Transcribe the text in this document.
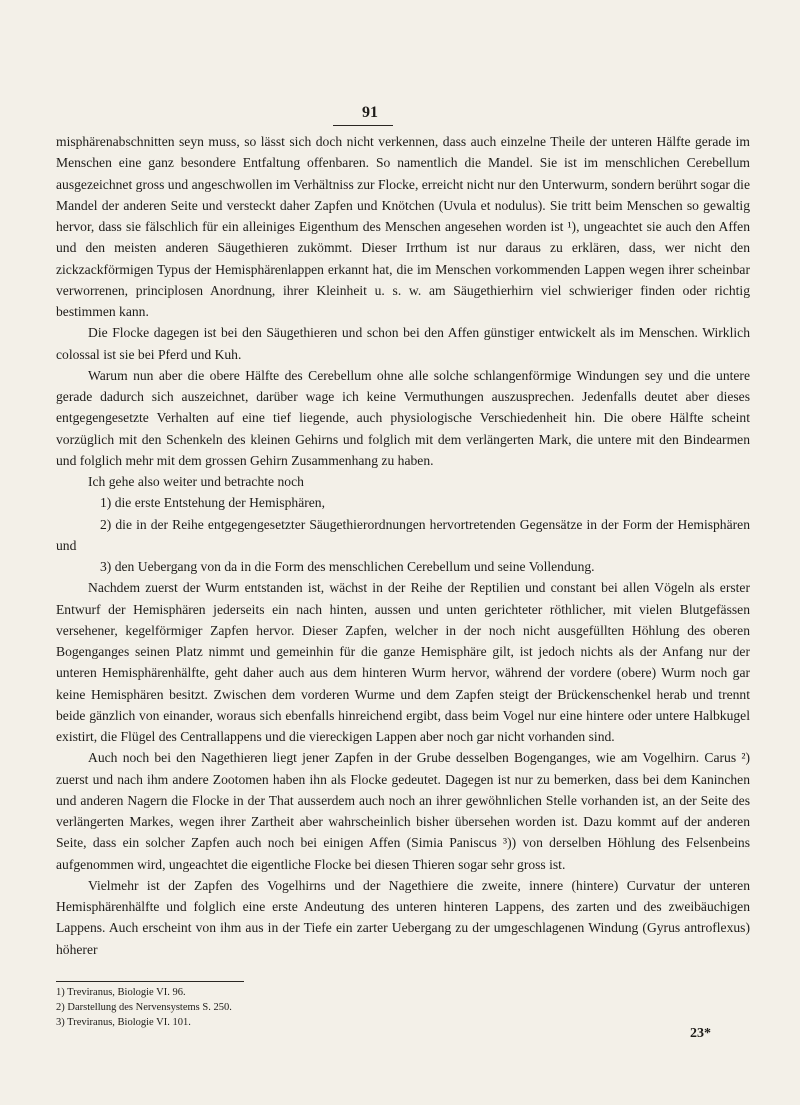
91

misphärenabschnitten seyn muss, so lässt sich doch nicht verkennen, dass auch einzelne Theile der unteren Hälfte gerade im Menschen eine ganz besondere Entfaltung offenbaren. So namentlich die Mandel. Sie ist im menschlichen Cerebellum ausgezeichnet gross und angeschwollen im Verhältniss zur Flocke, erreicht nicht nur den Unterwurm, sondern berührt sogar die Mandel der anderen Seite und versteckt daher Zapfen und Knötchen (Uvula et nodulus). Sie tritt beim Menschen so gewaltig hervor, dass sie fälschlich für ein alleiniges Eigenthum des Menschen angesehen worden ist ¹), ungeachtet sie auch den Affen und den meisten anderen Säugethieren zukömmt. Dieser Irrthum ist nur daraus zu erklären, dass, wer nicht den zickzackförmigen Typus der Hemisphärenlappen erkannt hat, die im Menschen vorkommenden Lappen wegen ihrer scheinbar verworrenen, principlosen Anordnung, ihrer Kleinheit u. s. w. am Säugethierhirn viel schwieriger finden oder richtig bestimmen kann.

Die Flocke dagegen ist bei den Säugethieren und schon bei den Affen günstiger entwickelt als im Menschen. Wirklich colossal ist sie bei Pferd und Kuh.

Warum nun aber die obere Hälfte des Cerebellum ohne alle solche schlangenförmige Windungen sey und die untere gerade dadurch sich auszeichnet, darüber wage ich keine Vermuthungen auszusprechen. Jedenfalls deutet aber dieses entgegengesetzte Verhalten auf eine tief liegende, auch physiologische Verschiedenheit hin. Die obere Hälfte scheint vorzüglich mit den Schenkeln des kleinen Gehirns und folglich mit dem verlängerten Mark, die untere mit den Bindearmen und folglich mehr mit dem grossen Gehirn Zusammenhang zu haben.

Ich gehe also weiter und betrachte noch

1) die erste Entstehung der Hemisphären,

2) die in der Reihe entgegengesetzter Säugethierordnungen hervortretenden Gegensätze in der Form der Hemisphären und

3) den Uebergang von da in die Form des menschlichen Cerebellum und seine Vollendung.

Nachdem zuerst der Wurm entstanden ist, wächst in der Reihe der Reptilien und constant bei allen Vögeln als erster Entwurf der Hemisphären jederseits ein nach hinten, aussen und unten gerichteter röthlicher, mit vielen Blutgefässen versehener, kegelförmiger Zapfen hervor. Dieser Zapfen, welcher in der noch nicht ausgefüllten Höhlung des oberen Bogenganges seinen Platz nimmt und gemeinhin für die ganze Hemisphäre gilt, ist jedoch nichts als der Anfang nur der unteren Hemisphärenhälfte, geht daher auch aus dem hinteren Wurm hervor, während der vordere (obere) Wurm noch gar keine Hemisphären besitzt. Zwischen dem vorderen Wurme und dem Zapfen steigt der Brückenschenkel herab und trennt beide gänzlich von einander, woraus sich ebenfalls hinreichend ergibt, dass beim Vogel nur eine hintere oder untere Halbkugel existirt, die Flügel des Centrallappens und die viereckigen Lappen aber noch gar nicht vorhanden sind.

Auch noch bei den Nagethieren liegt jener Zapfen in der Grube desselben Bogenganges, wie am Vogelhirn. Carus ²) zuerst und nach ihm andere Zootomen haben ihn als Flocke gedeutet. Dagegen ist nur zu bemerken, dass bei dem Kaninchen und anderen Nagern die Flocke in der That ausserdem auch noch an ihrer gewöhnlichen Stelle vorhanden ist, an der Seite des verlängerten Markes, wegen ihrer Zartheit aber wahrscheinlich bisher übersehen worden ist. Dazu kommt auf der anderen Seite, dass ein solcher Zapfen auch noch bei einigen Affen (Simia Paniscus ³)) von derselben Höhlung des Felsenbeins aufgenommen wird, ungeachtet die eigentliche Flocke bei diesen Thieren sogar sehr gross ist.

Vielmehr ist der Zapfen des Vogelhirns und der Nagethiere die zweite, innere (hintere) Curvatur der unteren Hemisphärenhälfte und folglich eine erste Andeutung des unteren hinteren Lappens, des zarten und des zweibäuchigen Lappens. Auch erscheint von ihm aus in der Tiefe ein zarter Uebergang zu der umgeschlagenen Windung (Gyrus antroflexus) höherer

1) Treviranus, Biologie VI. 96.
2) Darstellung des Nervensystems S. 250.
3) Treviranus, Biologie VI. 101.
23*
